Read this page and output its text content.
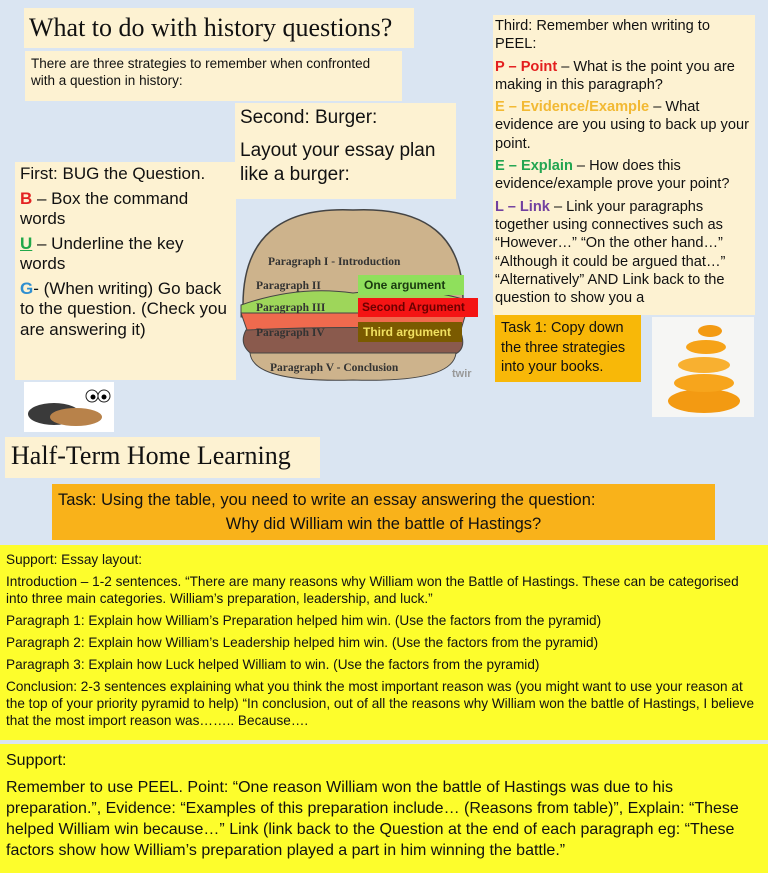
What to do with history questions?
There are three strategies to remember when confronted with a question in history:

First: BUG the Question.

B – Box the command words

U – Underline the key words

G- (When writing) Go back to the question. (Check you are answering it)

Second: Burger:

Layout your essay plan like a burger:

Paragraph I - Introduction
Paragraph II
Paragraph III
Paragraph IV
Paragraph V - Conclusion
One argument
Second Argument
Third argument
twir

Third: Remember when writing to PEEL:

P – Point – What is the point you are making in this paragraph?

E – Evidence/Example – What evidence are you using to back up your point.

E – Explain – How does this evidence/example prove your point?

L – Link – Link your paragraphs together using connectives such as “However…” “On the other hand…” “Although it could be argued that…” “Alternatively” AND Link back to the question to show you a

Task 1: Copy down the three strategies into your books.
Half-Term Home Learning
Task: Using the table, you need to write an essay answering the question:
Why did William win the battle of Hastings?

Support: Essay layout:

Introduction – 1-2 sentences. “There are many reasons why William won the Battle of Hastings. These can be categorised into three main categories. William’s preparation, leadership, and luck.”

Paragraph 1: Explain how William’s Preparation helped him win. (Use the factors from the pyramid)

Paragraph 2: Explain how William’s Leadership helped him win. (Use the factors from the pyramid)

Paragraph 3: Explain how Luck helped William to win. (Use the factors from the pyramid)

Conclusion: 2-3 sentences explaining what you think the most important reason was (you might want to use your reason at the top of your priority pyramid to help) “In conclusion, out of all the reasons why William won the battle of Hastings, I believe that the most import reason was…….. Because….

Support:

Remember to use PEEL. Point: “One reason William won the battle of Hastings was due to his preparation.”, Evidence: “Examples of this preparation include… (Reasons from table)”, Explain: “These helped William win because…” Link (link back to the Question at the end of each paragraph eg: “These factors show how William’s preparation played a part in him winning the battle.”
